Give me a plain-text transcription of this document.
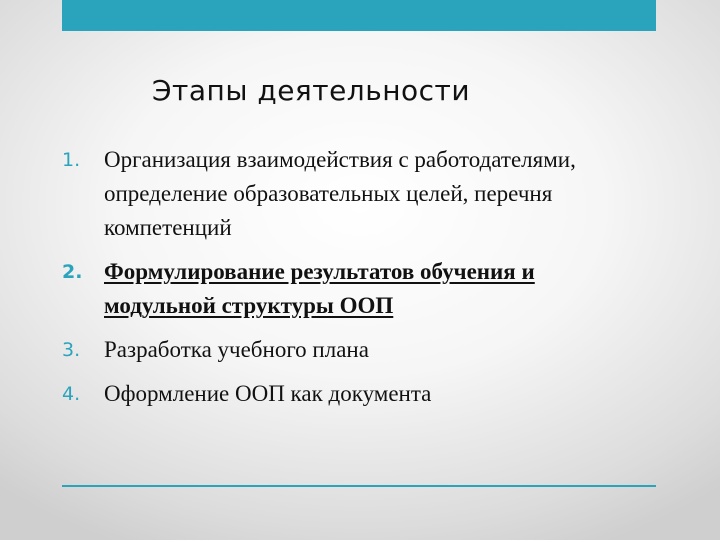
Этапы деятельности
1.	Организация взаимодействия с работодателями, определение образовательных целей, перечня компетенций
2. Формулирование результатов обучения и модульной структуры ООП
3.	Разработка учебного плана
4.	Оформление ООП как документа
